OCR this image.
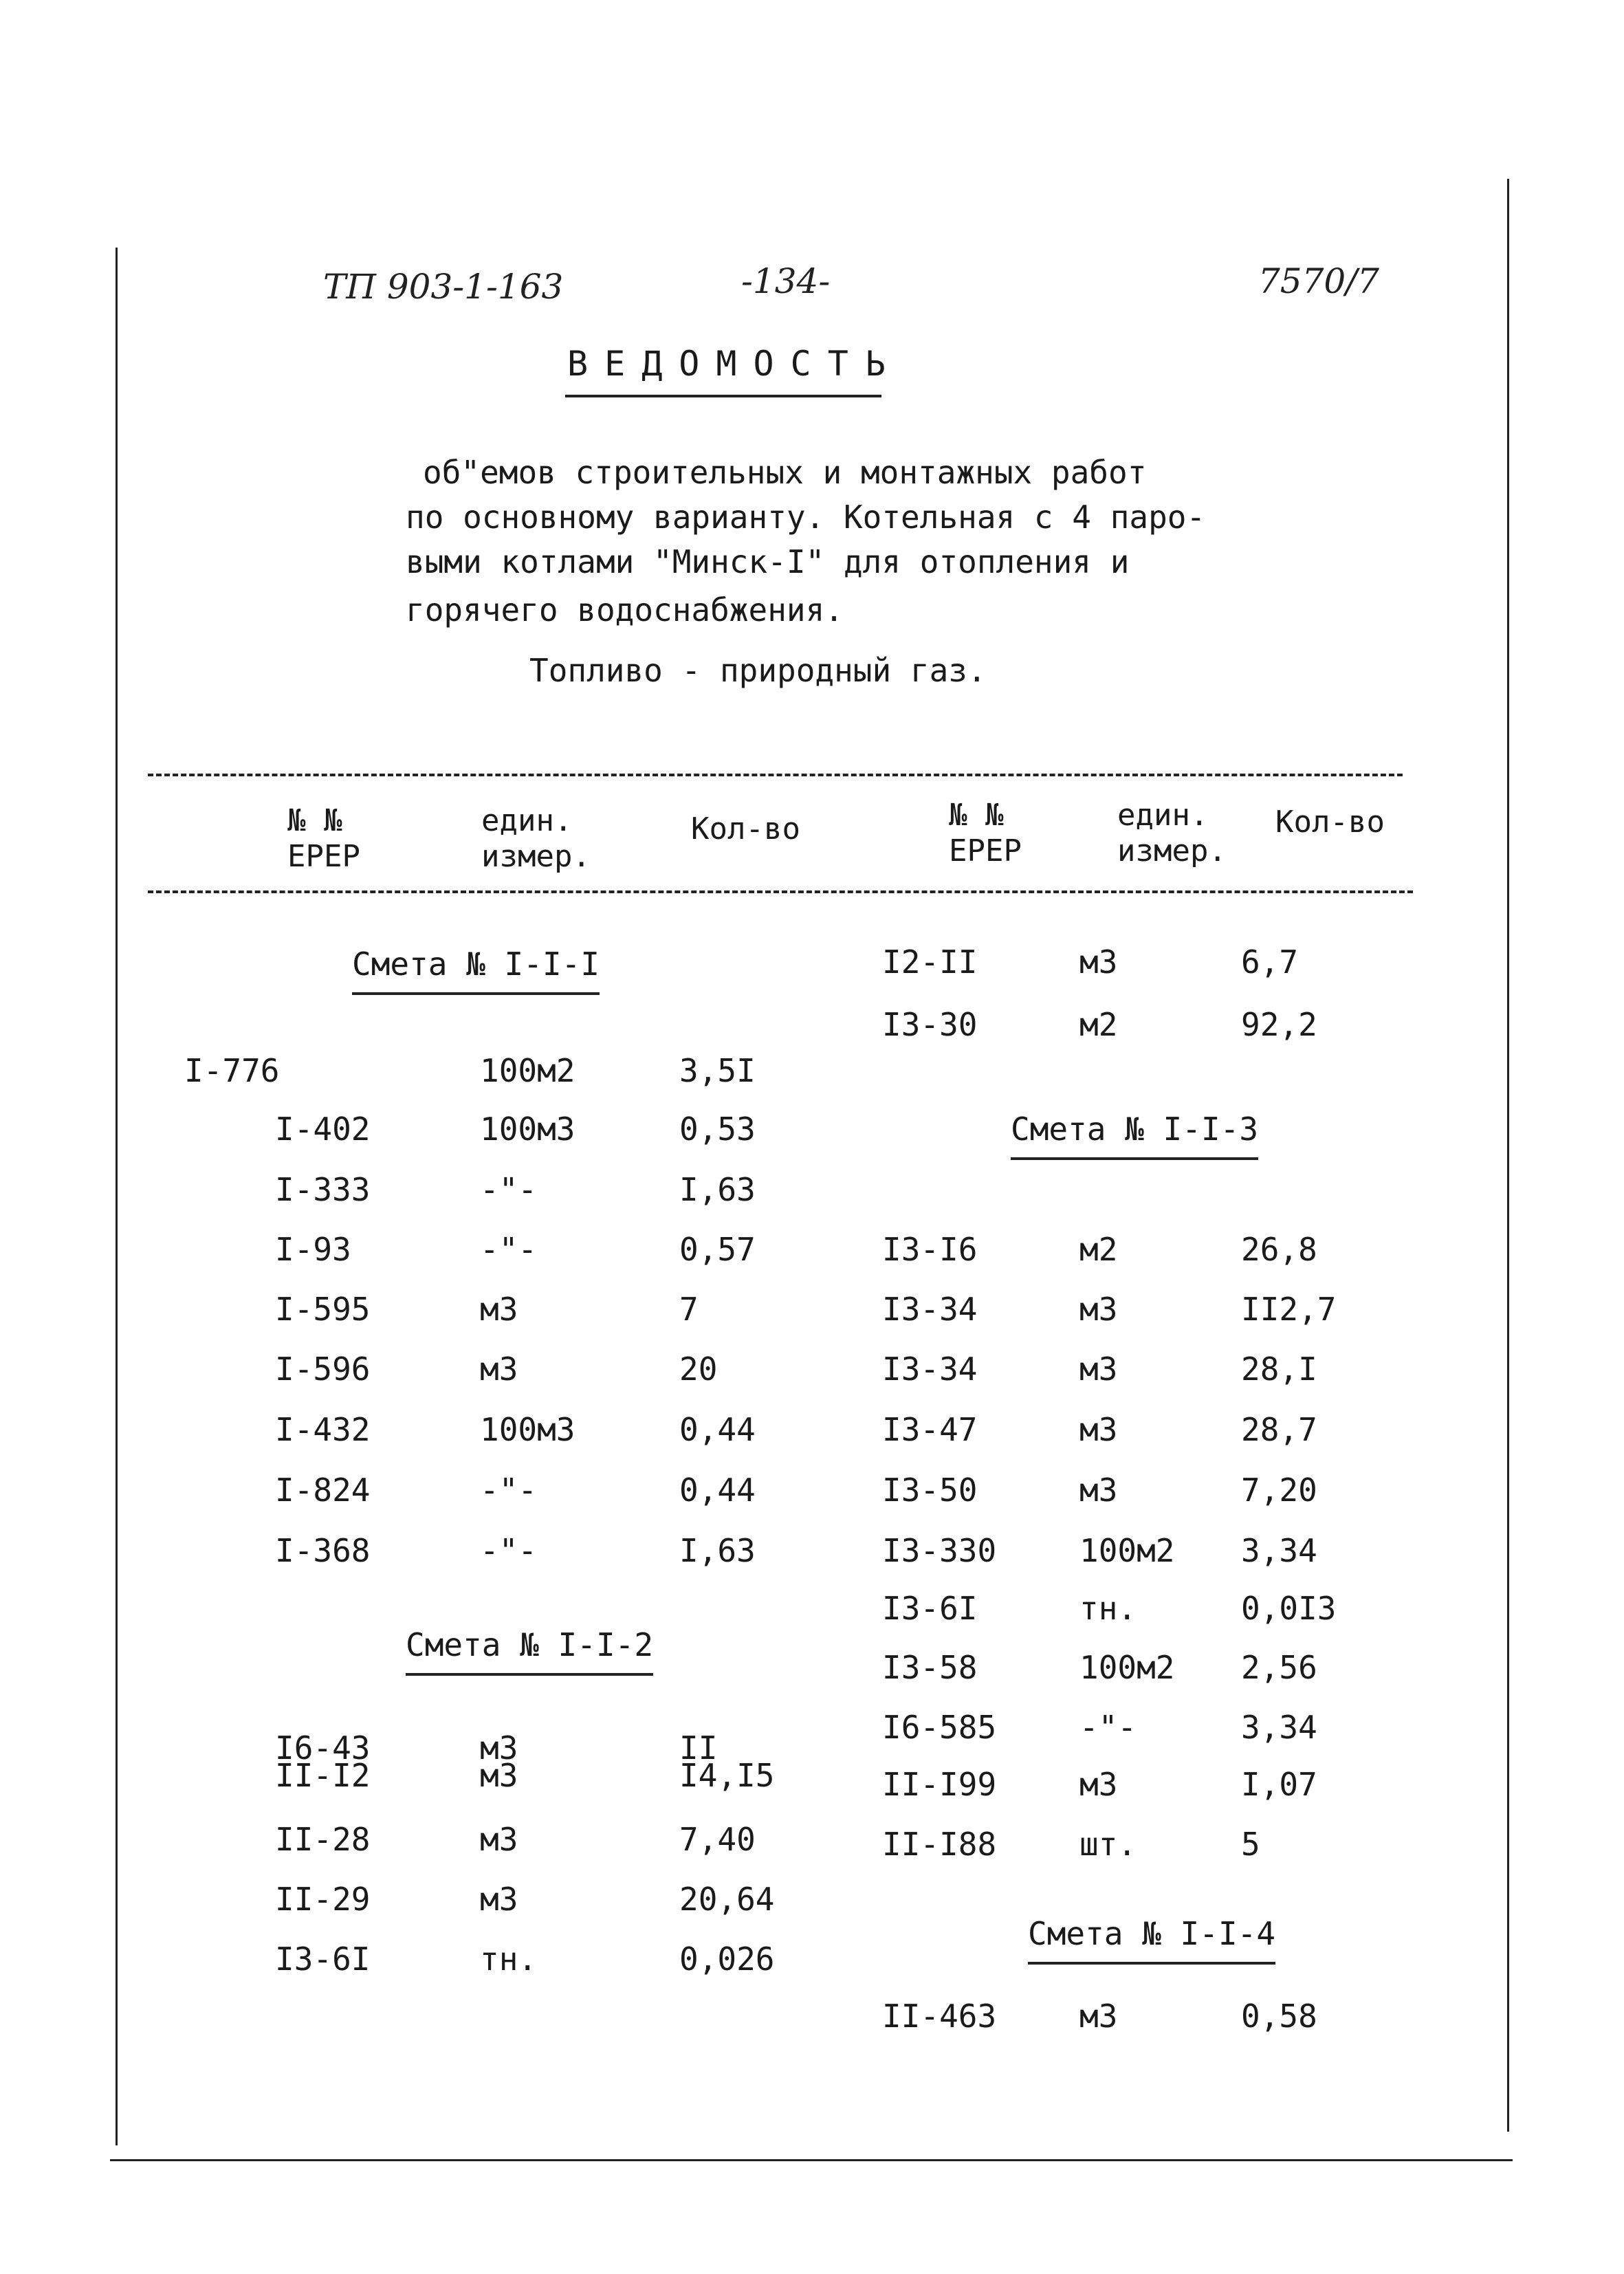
ТП 903-1-163	-134-	7570/7
ВЕДОМОСТЬ
об"емов строительных и монтажных работ
по основному варианту. Котельная с 4 паро-
выми котлами "Минск-I" для отопления и
горячего водоснабжения.
Топливо - природный газ.
№ №
ЕРЕР
един.
измер.
Кол-во	№ №
ЕРЕР
един.
измер.
Кол-во
Смета № I-I-I
I-776	100м2	3,5I
I-402	100м3	0,53
I-333	-"-	I,63
I-93	-"-	0,57
I-595	м3	7
I-596	м3	20
I-432	100м3	0,44
I-824	-"-	0,44
I-368	-"-	I,63
Смета № I-I-2
I6-43	м3	II
II-I2	м3	I4,I5
II-28	м3	7,40
II-29	м3	20,64
I3-6I	тн.	0,026
I2-II	м3	6,7
I3-30	м2	92,2
Смета № I-I-3
I3-I6	м2	26,8
I3-34	м3	II2,7
I3-34	м3	28,I
I3-47	м3	28,7
I3-50	м3	7,20
I3-330	100м2 3,34
I3-6I	тн.	0,0I3
I3-58	100м2 2,56
I6-585	-"-	3,34
II-I99	м3	I,07
II-I88	шт.	5
Смета № I-I-4
II-463	м3	0,58
